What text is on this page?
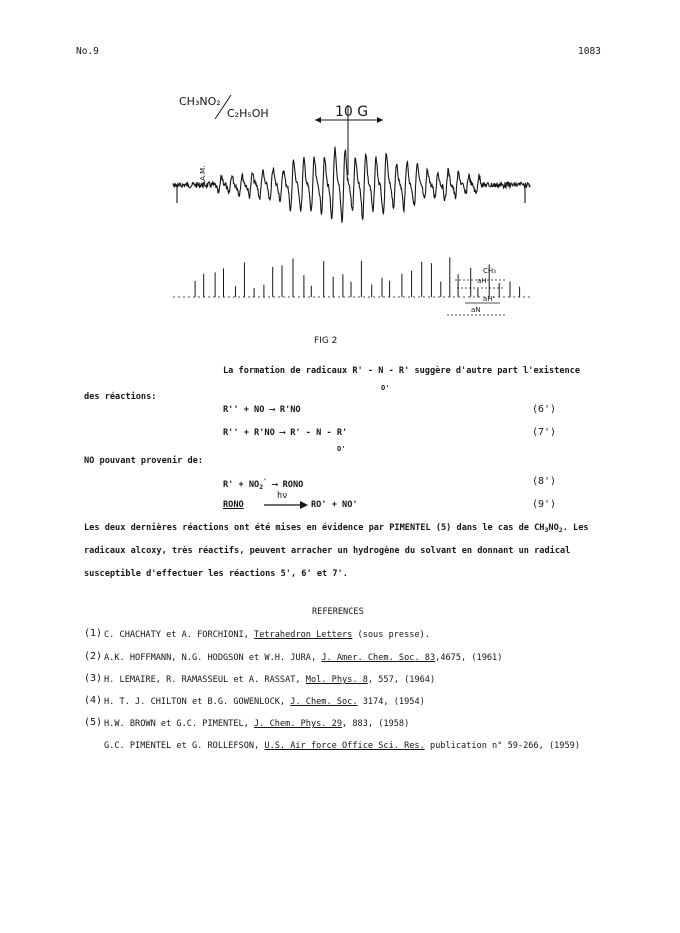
No.9	1083
CH₃NO₂
C₂H₅OH	10 G
I.A.M.
CH₃
aH
aH'
aN
FIG 2
La formation de radicaux R' - N - R' suggère d'autre part l'existence
O'
des réactions:
R'' + NO ⟶ R'NO	(6')
R'' + R'NO ⟶ R' - N - R'
O'
(7')
NO pouvant provenir de:
$R' + NO_2'$ ⟶ RONO	(8')
RONO
hν
RO' + NO'	(9')
Les deux dernières réactions ont été mises en évidence par PIMENTEL (5) dans le cas de $CH_3NO_2$. Les
radicaux alcoxy, très réactifs, peuvent arracher un hydrogène du solvant en donnant un radical
susceptible d'effectuer les réactions 5', 6' et 7'.
REFERENCES
(1) C. CHACHATY et A. FORCHIONI, Tetrahedron Letters (sous presse).
(2) A.K. HOFFMANN, N.G. HODGSON et W.H. JURA, J. Amer. Chem. Soc. 83,4675, (1961)
(3) H. LEMAIRE, R. RAMASSEUL et A. RASSAT, Mol. Phys. 8, 557, (1964)
(4) H. T. J. CHILTON et B.G. GOWENLOCK, J. Chem. Soc. 3174, (1954)
(5) H.W. BROWN et G.C. PIMENTEL, J. Chem. Phys. 29, 883, (1958)
G.C. PIMENTEL et G. ROLLEFSON, U.S. Air force Office Sci. Res. publication n° 59-266, (1959)
